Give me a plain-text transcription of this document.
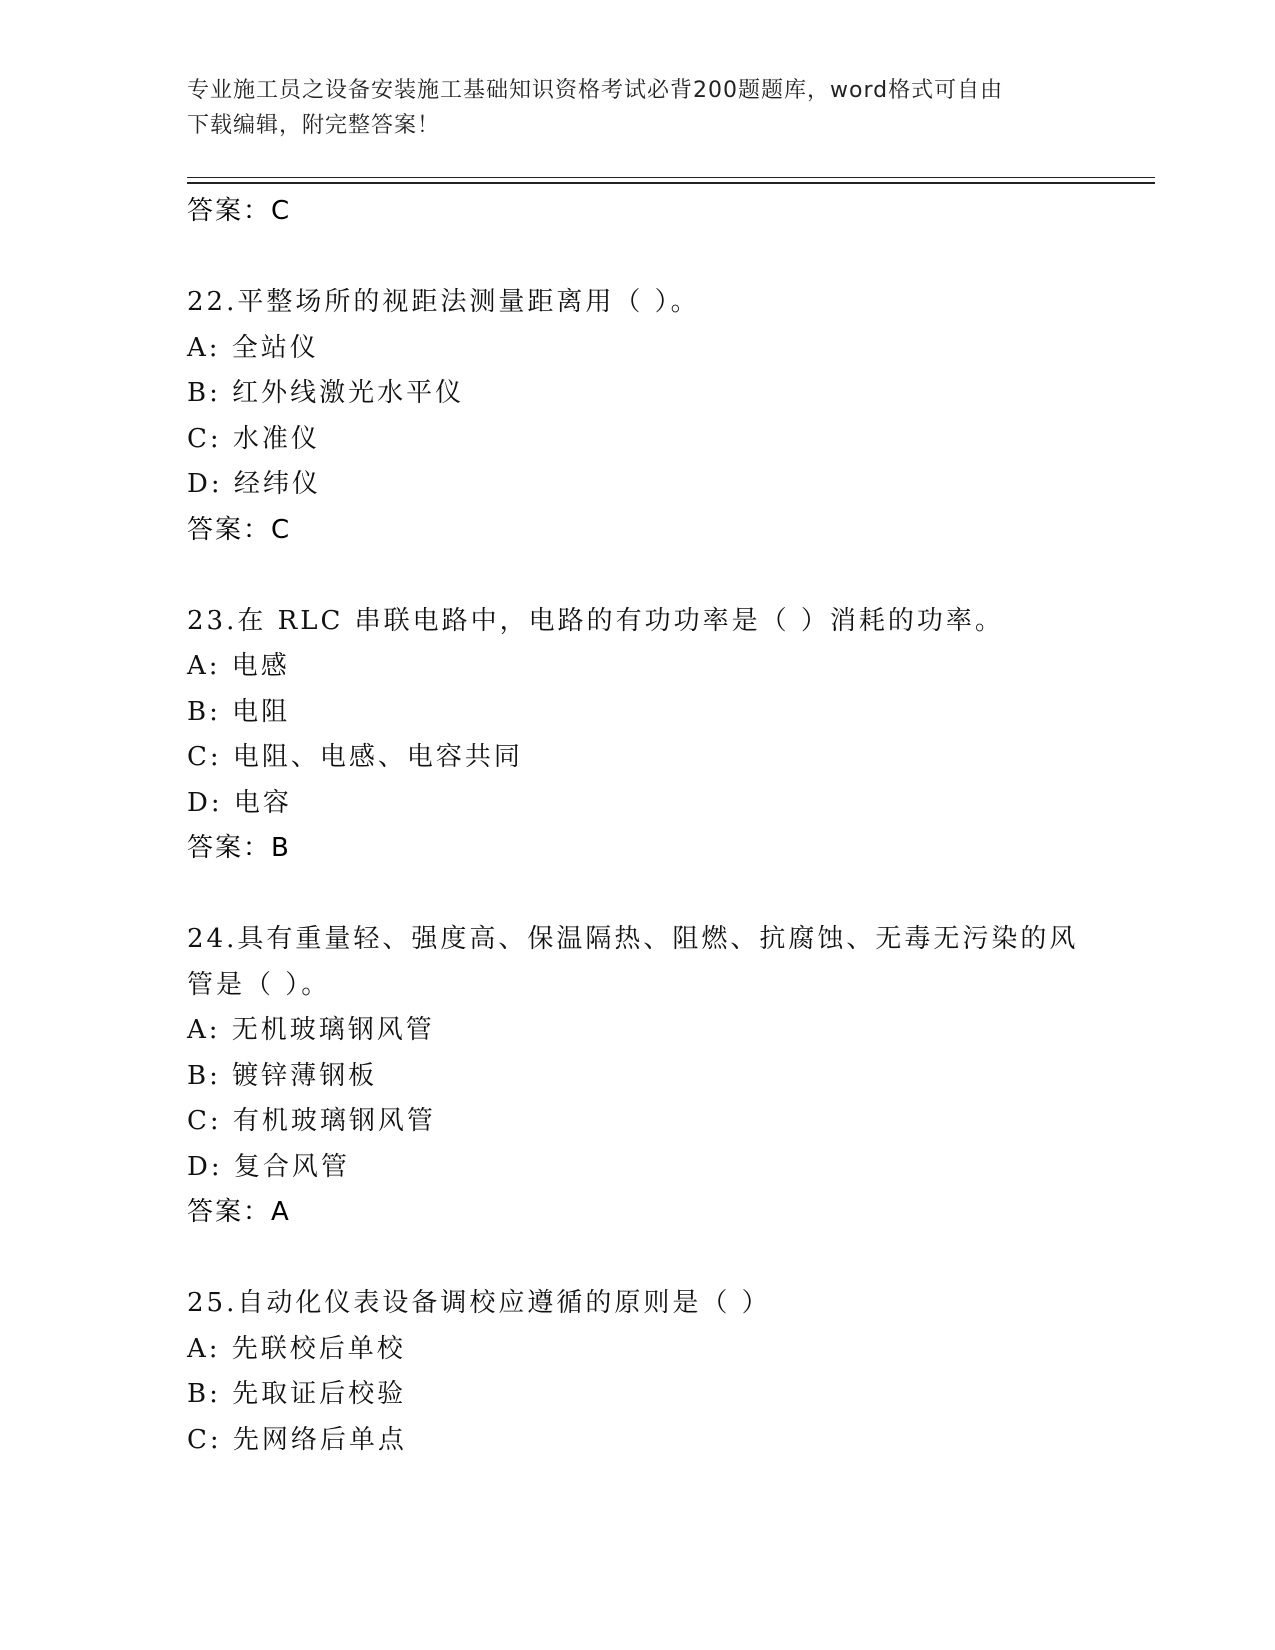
专业施工员之设备安装施工基础知识资格考试必背200题题库，word格式可自由
下载编辑，附完整答案！
答案：C
22.平整场所的视距法测量距离用（ ）。
A: 全站仪
B: 红外线激光水平仪
C: 水准仪
D: 经纬仪
答案：C
23.在 RLC 串联电路中，电路的有功功率是（ ）消耗的功率。
A: 电感
B: 电阻
C: 电阻、电感、电容共同
D: 电容
答案：B
24.具有重量轻、强度高、保温隔热、阻燃、抗腐蚀、无毒无污染的风
管是（ ）。
A: 无机玻璃钢风管
B: 镀锌薄钢板
C: 有机玻璃钢风管
D: 复合风管
答案：A
25.自动化仪表设备调校应遵循的原则是（ ）
A: 先联校后单校
B: 先取证后校验
C: 先网络后单点
